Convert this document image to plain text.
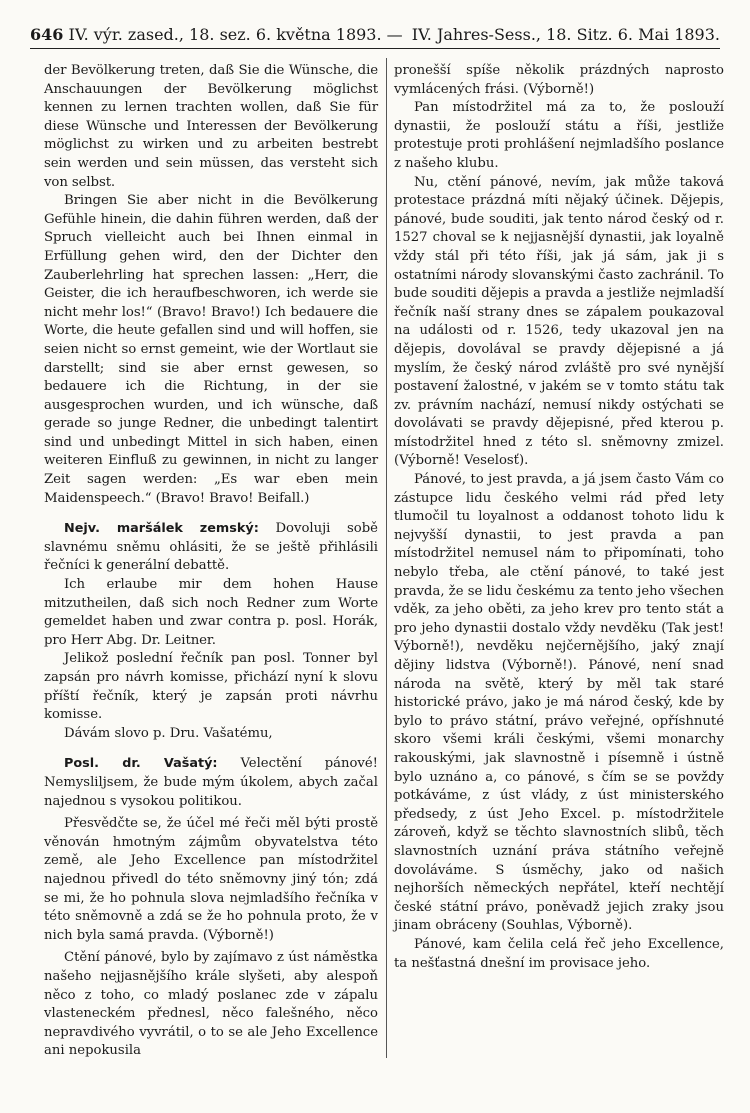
646 IV. výr. zased., 18. sez. 6. května 1893. — IV. Jahres-Sess., 18. Sitz. 6. Mai 1893.

der Bevölkerung treten, daß Sie die Wünsche, die Anschauungen der Bevölkerung möglichst kennen zu lernen trachten wollen, daß Sie für diese Wünsche und Interessen der Bevölkerung möglichst zu wirken und zu arbeiten bestrebt sein werden und sein müssen, das versteht sich von selbst.

Bringen Sie aber nicht in die Bevölkerung Gefühle hinein, die dahin führen werden, daß der Spruch vielleicht auch bei Ihnen einmal in Erfüllung gehen wird, den der Dichter den Zauberlehrling hat sprechen lassen: „Herr, die Geister, die ich heraufbeschworen, ich werde sie nicht mehr los!“ (Bravo! Bravo!) Ich bedauere die Worte, die heute gefallen sind und will hoffen, sie seien nicht so ernst gemeint, wie der Wortlaut sie darstellt; sind sie aber ernst gewesen, so bedauere ich die Richtung, in der sie ausgesprochen wurden, und ich wünsche, daß gerade so junge Redner, die unbedingt talentirt sind und unbedingt Mittel in sich haben, einen weiteren Einfluß zu gewinnen, in nicht zu langer Zeit sagen werden: „Es war eben mein Maidenspeech.“ (Bravo! Bravo! Beifall.)

Nejv. maršálek zemský: Dovoluji sobě slavnému sněmu ohlásiti, že se ještě přihlásili řečníci k generální debattě.

Ich erlaube mir dem hohen Hause mitzutheilen, daß sich noch Redner zum Worte gemeldet haben und zwar contra p. posl. Horák, pro Herr Abg. Dr. Leitner.

Jelikož poslední řečník pan posl. Tonner byl zapsán pro návrh komisse, přichází nyní k slovu příští řečník, který je zapsán proti návrhu komisse.

Dávám slovo p. Dru. Vašatému,

Posl. dr. Vašatý: Velectění pánové! Nemysliljsem, že bude mým úkolem, abych začal najednou s vysokou politikou.

Přesvědčte se, že účel mé řeči měl býti prostě věnován hmotným zájmům obyvatelstva této země, ale Jeho Excellence pan místodržitel najednou přivedl do této sněmovny jiný tón; zdá se mi, že ho pohnula slova nejmladšího řečníka v této sněmovně a zdá se že ho pohnula proto, že v nich byla samá pravda. (Výborně!)

Ctění pánové, bylo by zajímavo z úst náměstka našeho nejjasnějšího krále slyšeti, aby alespoň něco z toho, co mladý poslanec zde v zápalu vlasteneckém přednesl, něco falešného, něco nepravdivého vyvrátil, o to se ale Jeho Excellence ani nepokusila

pronešší spíše několik prázdných naprosto vymlácených frási. (Výborně!)

Pan místodržitel má za to, že poslouží dynastii, že poslouží státu a říši, jestliže protestuje proti prohlášení nejmladšího poslance z našeho klubu.

Nu, ctění pánové, nevím, jak může taková protestace prázdná míti nějaký účinek. Dějepis, pánové, bude souditi, jak tento národ český od r. 1527 choval se k nejjasnější dynastii, jak loyalně vždy stál při této říši, jak já sám, jak ji s ostatními národy slovanskými často zachránil. To bude souditi dějepis a pravda a jestliže nejmladší řečník naší strany dnes se zápalem poukazoval na události od r. 1526, tedy ukazoval jen na dějepis, dovolával se pravdy dějepisné a já myslím, že český národ zvláště pro své nynější postavení žalostné, v jakém se v tomto státu tak zv. právním nachází, nemusí nikdy ostýchati se dovolávati se pravdy dějepisné, před kterou p. místodržitel hned z této sl. sněmovny zmizel. (Výborně! Veselosť).

Pánové, to jest pravda, a já jsem často Vám co zástupce lidu českého velmi rád před lety tlumočil tu loyalnost a oddanost tohoto lidu k nejvyšší dynastii, to jest pravda a pan místodržitel nemusel nám to připomínati, toho nebylo třeba, ale ctění pánové, to také jest pravda, že se lidu českému za tento jeho všechen vděk, za jeho oběti, za jeho krev pro tento stát a pro jeho dynastii dostalo vždy nevděku (Tak jest! Výborně!), nevděku nejčernějšího, jaký znají dějiny lidstva (Výborně!). Pánové, není snad národa na světě, který by měl tak staré historické právo, jako je má národ český, kde by bylo to právo státní, právo veřejné, opříshnuté skoro všemi králi českými, všemi monarchy rakouskými, jak slavnostně i písemně i ústně bylo uznáno a, co pánové, s čím se se povždy potkáváme, z úst vlády, z úst ministerského předsedy, z úst Jeho Excel. p. místodržitele zároveň, když se těchto slavnostních slibů, těch slavnostních uznání práva státního veřejně dovoláváme. S úsměchy, jako od našich nejhorších německých nepřátel, kteří nechtějí české státní právo, poněvadž jejich zraky jsou jinam obráceny (Souhlas, Výborně).

Pánové, kam čelila celá řeč jeho Excellence, ta nešťastná dnešní im provisace jeho.
